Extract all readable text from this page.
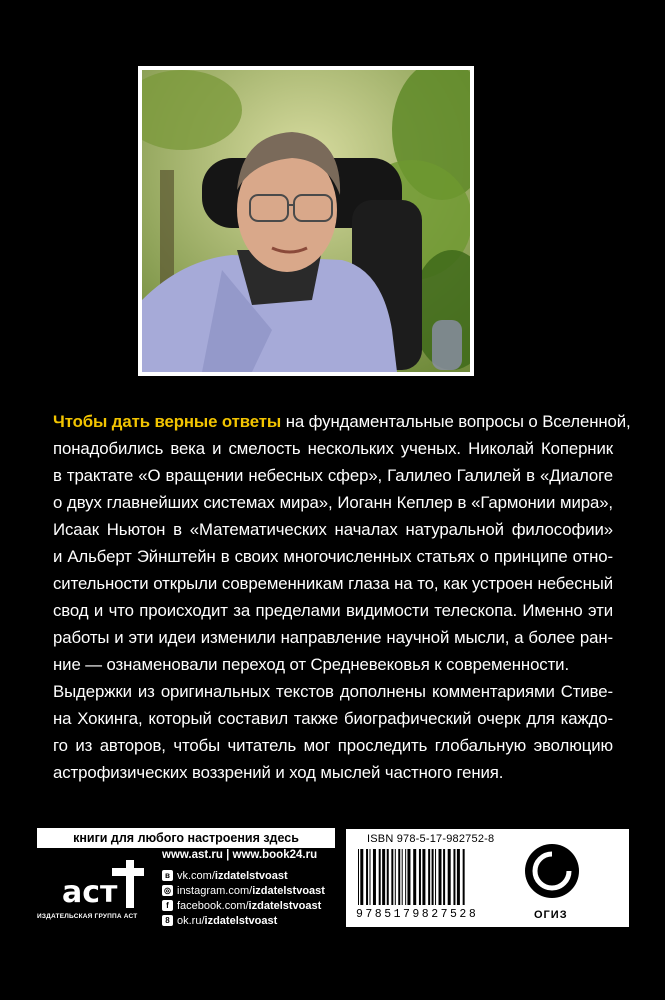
Чтобы дать верные ответы на фундаментальные вопросы о Вселенной,
понадобились века и смелость нескольких ученых. Николай Коперник
в трактате «О вращении небесных сфер», Галилео Галилей в «Диалоге
о двух главнейших системах мира», Иоганн Кеплер в «Гармонии мира»,
Исаак Ньютон в «Математических началах натуральной философии»
и Альберт Эйнштейн в своих многочисленных статьях о принципе отно-
сительности открыли современникам глаза на то, как устроен небесный
свод и что происходит за пределами видимости телескопа. Именно эти
работы и эти идеи изменили направление научной мысли, а более ран-
ние — ознаменовали переход от Средневековья к современности.
Выдержки из оригинальных текстов дополнены комментариями Стиве-
на Хокинга, который составил также биографический очерк для каждо-
го из авторов, чтобы читатель мог проследить глобальную эволюцию
астрофизических воззрений и ход мыслей частного гения.

книги для любого настроения здесь
аст
ИЗДАТЕЛЬСКАЯ ГРУППА АСТ
www.ast.ru | www.book24.ru
в vk.com/ izdatelstvoast
◎ instagram.com/ izdatelstvoast
f facebook.com/ izdatelstvoast
8 ok.ru/ izdatelstvoast
ISBN 978-5-17-982752-8
9785179827528	ОГИЗ
